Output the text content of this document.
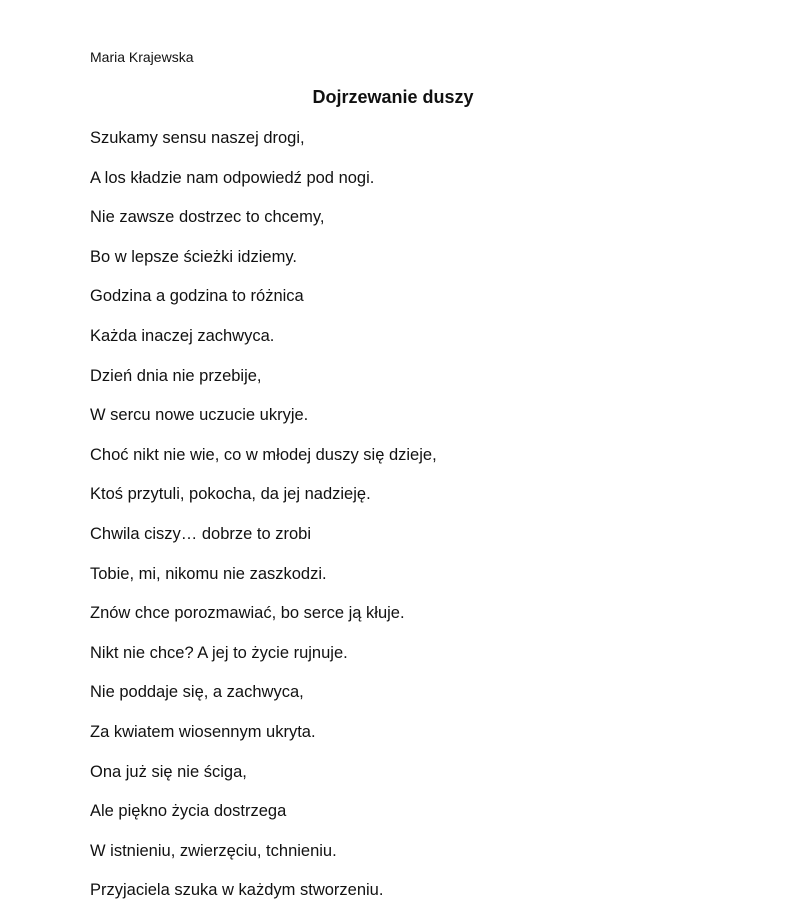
Maria Krajewska
Dojrzewanie duszy
Szukamy sensu naszej drogi,
A los kładzie nam odpowiedź pod nogi.
Nie zawsze dostrzec to chcemy,
Bo w lepsze ścieżki idziemy.
Godzina a godzina to różnica
Każda inaczej zachwyca.
Dzień dnia nie przebije,
W sercu nowe uczucie ukryje.
Choć nikt nie wie, co w młodej duszy się dzieje,
Ktoś przytuli, pokocha, da jej nadzieję.
Chwila ciszy… dobrze to zrobi
Tobie, mi, nikomu nie zaszkodzi.
Znów chce porozmawiać, bo serce ją kłuje.
Nikt nie chce? A jej to życie rujnuje.
Nie poddaje się, a zachwyca,
Za kwiatem wiosennym ukryta.
Ona już się nie ściga,
Ale piękno życia dostrzega
W istnieniu, zwierzęciu, tchnieniu.
Przyjaciela szuka w każdym stworzeniu.
